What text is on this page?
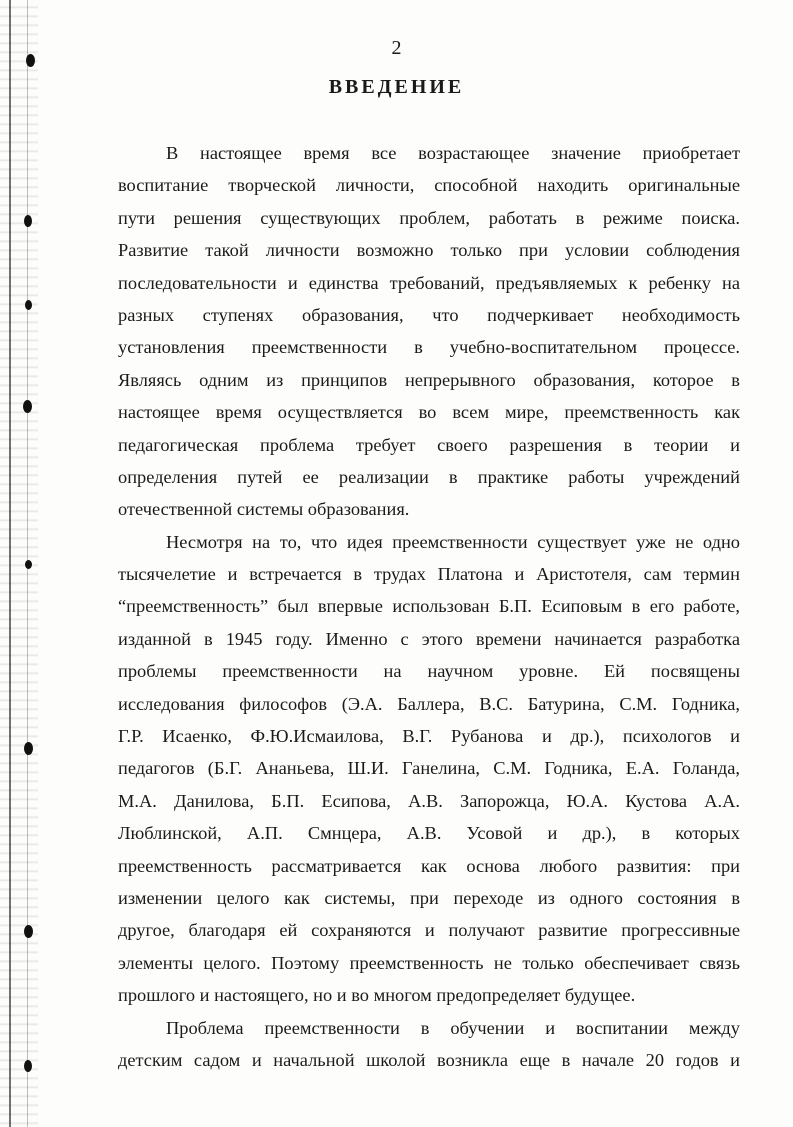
2
ВВЕДЕНИЕ
В настоящее время все возрастающее значение приобретает
воспитание творческой личности, способной находить оригинальные
пути решения существующих проблем, работать в режиме поиска.
Развитие такой личности возможно только при условии соблюдения
последовательности и единства требований, предъявляемых к ребенку на
разных ступенях образования, что подчеркивает необходимость
установления преемственности в учебно-воспитательном процессе.
Являясь одним из принципов непрерывного образования, которое в
настоящее время осуществляется во всем мире, преемственность как
педагогическая проблема требует своего разрешения в теории и
определения путей ее реализации в практике работы учреждений
отечественной системы образования.
Несмотря на то, что идея преемственности существует уже не одно
тысячелетие и встречается в трудах Платона и Аристотеля, сам термин
“преемственность” был впервые использован Б.П. Есиповым в его работе,
изданной в 1945 году. Именно с этого времени начинается разработка
проблемы преемственности на научном уровне. Ей посвящены
исследования философов (Э.А. Баллера, В.С. Батурина, С.М. Годника,
Г.Р. Исаенко, Ф.Ю.Исмаилова, В.Г. Рубанова и др.), психологов и
педагогов (Б.Г. Ананьева, Ш.И. Ганелина, С.М. Годника, Е.А. Голанда,
М.А. Данилова, Б.П. Есипова, А.В. Запорожца, Ю.А. Кустова А.А.
Люблинской, А.П. Смнцера, А.В. Усовой и др.), в которых
преемственность рассматривается как основа любого развития: при
изменении целого как системы, при переходе из одного состояния в
другое, благодаря ей сохраняются и получают развитие прогрессивные
элементы целого. Поэтому преемственность не только обеспечивает связь
прошлого и настоящего, но и во многом предопределяет будущее.
Проблема преемственности в обучении и воспитании между
детским садом и начальной школой возникла еще в начале 20 годов и
